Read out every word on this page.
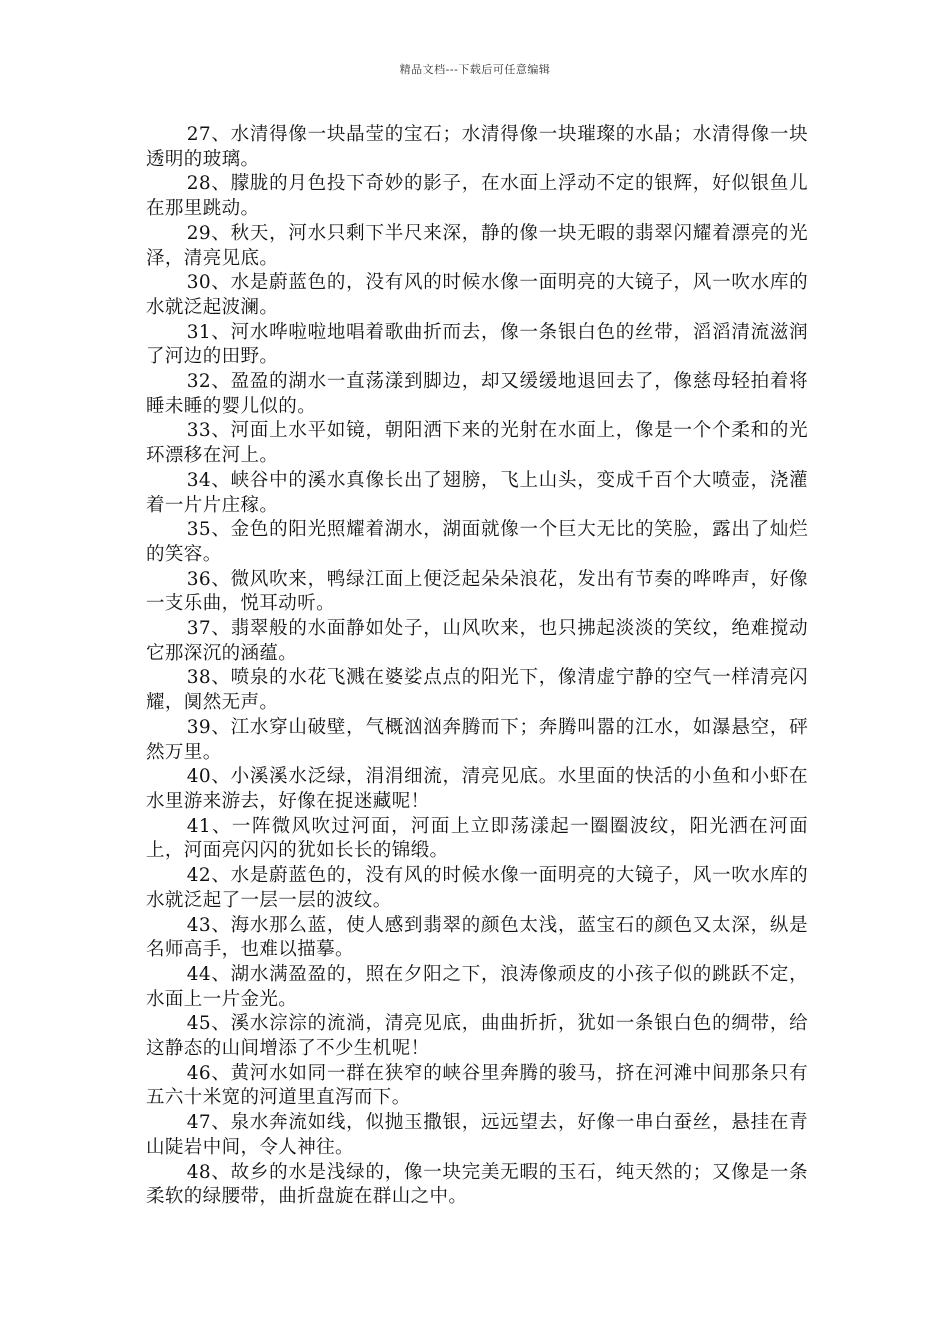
精品文档---下载后可任意编辑

27、水清得像一块晶莹的宝石；水清得像一块璀璨的水晶；水清得像一块透明的玻璃。

28、朦胧的月色投下奇妙的影子，在水面上浮动不定的银辉，好似银鱼儿在那里跳动。

29、秋天，河水只剩下半尺来深，静的像一块无暇的翡翠闪耀着漂亮的光泽，清亮见底。

30、水是蔚蓝色的，没有风的时候水像一面明亮的大镜子，风一吹水库的水就泛起波澜。

31、河水哗啦啦地唱着歌曲折而去，像一条银白色的丝带，滔滔清流滋润了河边的田野。

32、盈盈的湖水一直荡漾到脚边，却又缓缓地退回去了，像慈母轻拍着将睡未睡的婴儿似的。

33、河面上水平如镜，朝阳洒下来的光射在水面上，像是一个个柔和的光环漂移在河上。

34、峡谷中的溪水真像长出了翅膀，飞上山头，变成千百个大喷壶，浇灌着一片片庄稼。

35、金色的阳光照耀着湖水，湖面就像一个巨大无比的笑脸，露出了灿烂的笑容。

36、微风吹来，鸭绿江面上便泛起朵朵浪花，发出有节奏的哗哗声，好像一支乐曲，悦耳动听。

37、翡翠般的水面静如处子，山风吹来，也只拂起淡淡的笑纹，绝难搅动它那深沉的涵蕴。

38、喷泉的水花飞溅在婆娑点点的阳光下，像清虚宁静的空气一样清亮闪耀，阒然无声。

39、江水穿山破壁，气概汹汹奔腾而下；奔腾叫嚣的江水，如瀑悬空，砰然万里。

40、小溪溪水泛绿，涓涓细流，清亮见底。水里面的快活的小鱼和小虾在水里游来游去，好像在捉迷藏呢！

41、一阵微风吹过河面，河面上立即荡漾起一圈圈波纹，阳光洒在河面上，河面亮闪闪的犹如长长的锦缎。

42、水是蔚蓝色的，没有风的时候水像一面明亮的大镜子，风一吹水库的水就泛起了一层一层的波纹。

43、海水那么蓝，使人感到翡翠的颜色太浅，蓝宝石的颜色又太深，纵是名师高手，也难以描摹。

44、湖水满盈盈的，照在夕阳之下，浪涛像顽皮的小孩子似的跳跃不定，水面上一片金光。

45、溪水淙淙的流淌，清亮见底，曲曲折折，犹如一条银白色的绸带，给这静态的山间增添了不少生机呢！

46、黄河水如同一群在狭窄的峡谷里奔腾的骏马，挤在河滩中间那条只有五六十米宽的河道里直泻而下。

47、泉水奔流如线，似抛玉撒银，远远望去，好像一串白蚕丝，悬挂在青山陡岩中间，令人神往。

48、故乡的水是浅绿的，像一块完美无暇的玉石，纯天然的；又像是一条柔软的绿腰带，曲折盘旋在群山之中。
